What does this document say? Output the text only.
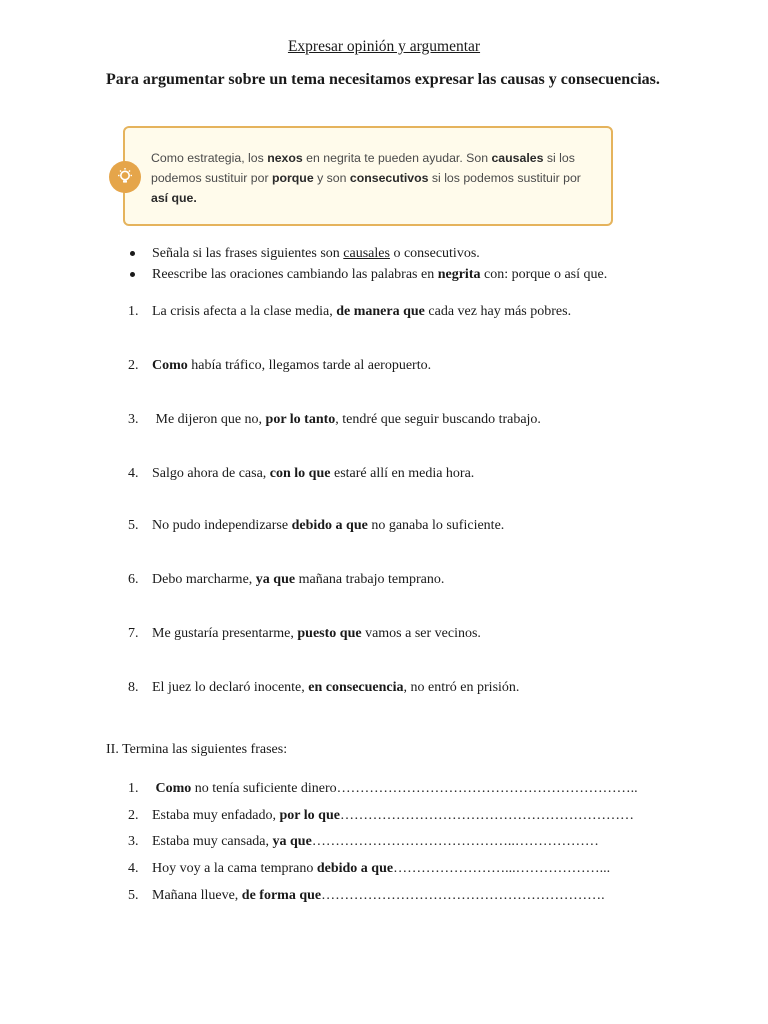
Expresar opinión y argumentar
Para argumentar sobre un tema necesitamos expresar las causas y consecuencias.
Como estrategia, los nexos en negrita te pueden ayudar. Son causales si los podemos sustituir por porque y son consecutivos si los podemos sustituir por así que.
Señala si las frases siguientes son causales o consecutivos.
Reescribe las oraciones cambiando las palabras en negrita con: porque o así que.
1. La crisis afecta a la clase media, de manera que cada vez hay más pobres.
2. Como había tráfico, llegamos tarde al aeropuerto.
3. Me dijeron que no, por lo tanto, tendré que seguir buscando trabajo.
4. Salgo ahora de casa, con lo que estaré allí en media hora.
5. No pudo independizarse debido a que no ganaba lo suficiente.
6. Debo marcharme, ya que mañana trabajo temprano.
7. Me gustaría presentarme, puesto que vamos a ser vecinos.
8. El juez lo declaró inocente, en consecuencia, no entró en prisión.
II. Termina las siguientes frases:
1. Como no tenía suficiente dinero………………………………………………………..
2. Estaba muy enfadado, por lo que………………………………………………………
3. Estaba muy cansada, ya que……………………………………..………………
4. Hoy voy a la cama temprano debido a que……………………...………………...
5. Mañana llueve, de forma que…………………………………………………….
